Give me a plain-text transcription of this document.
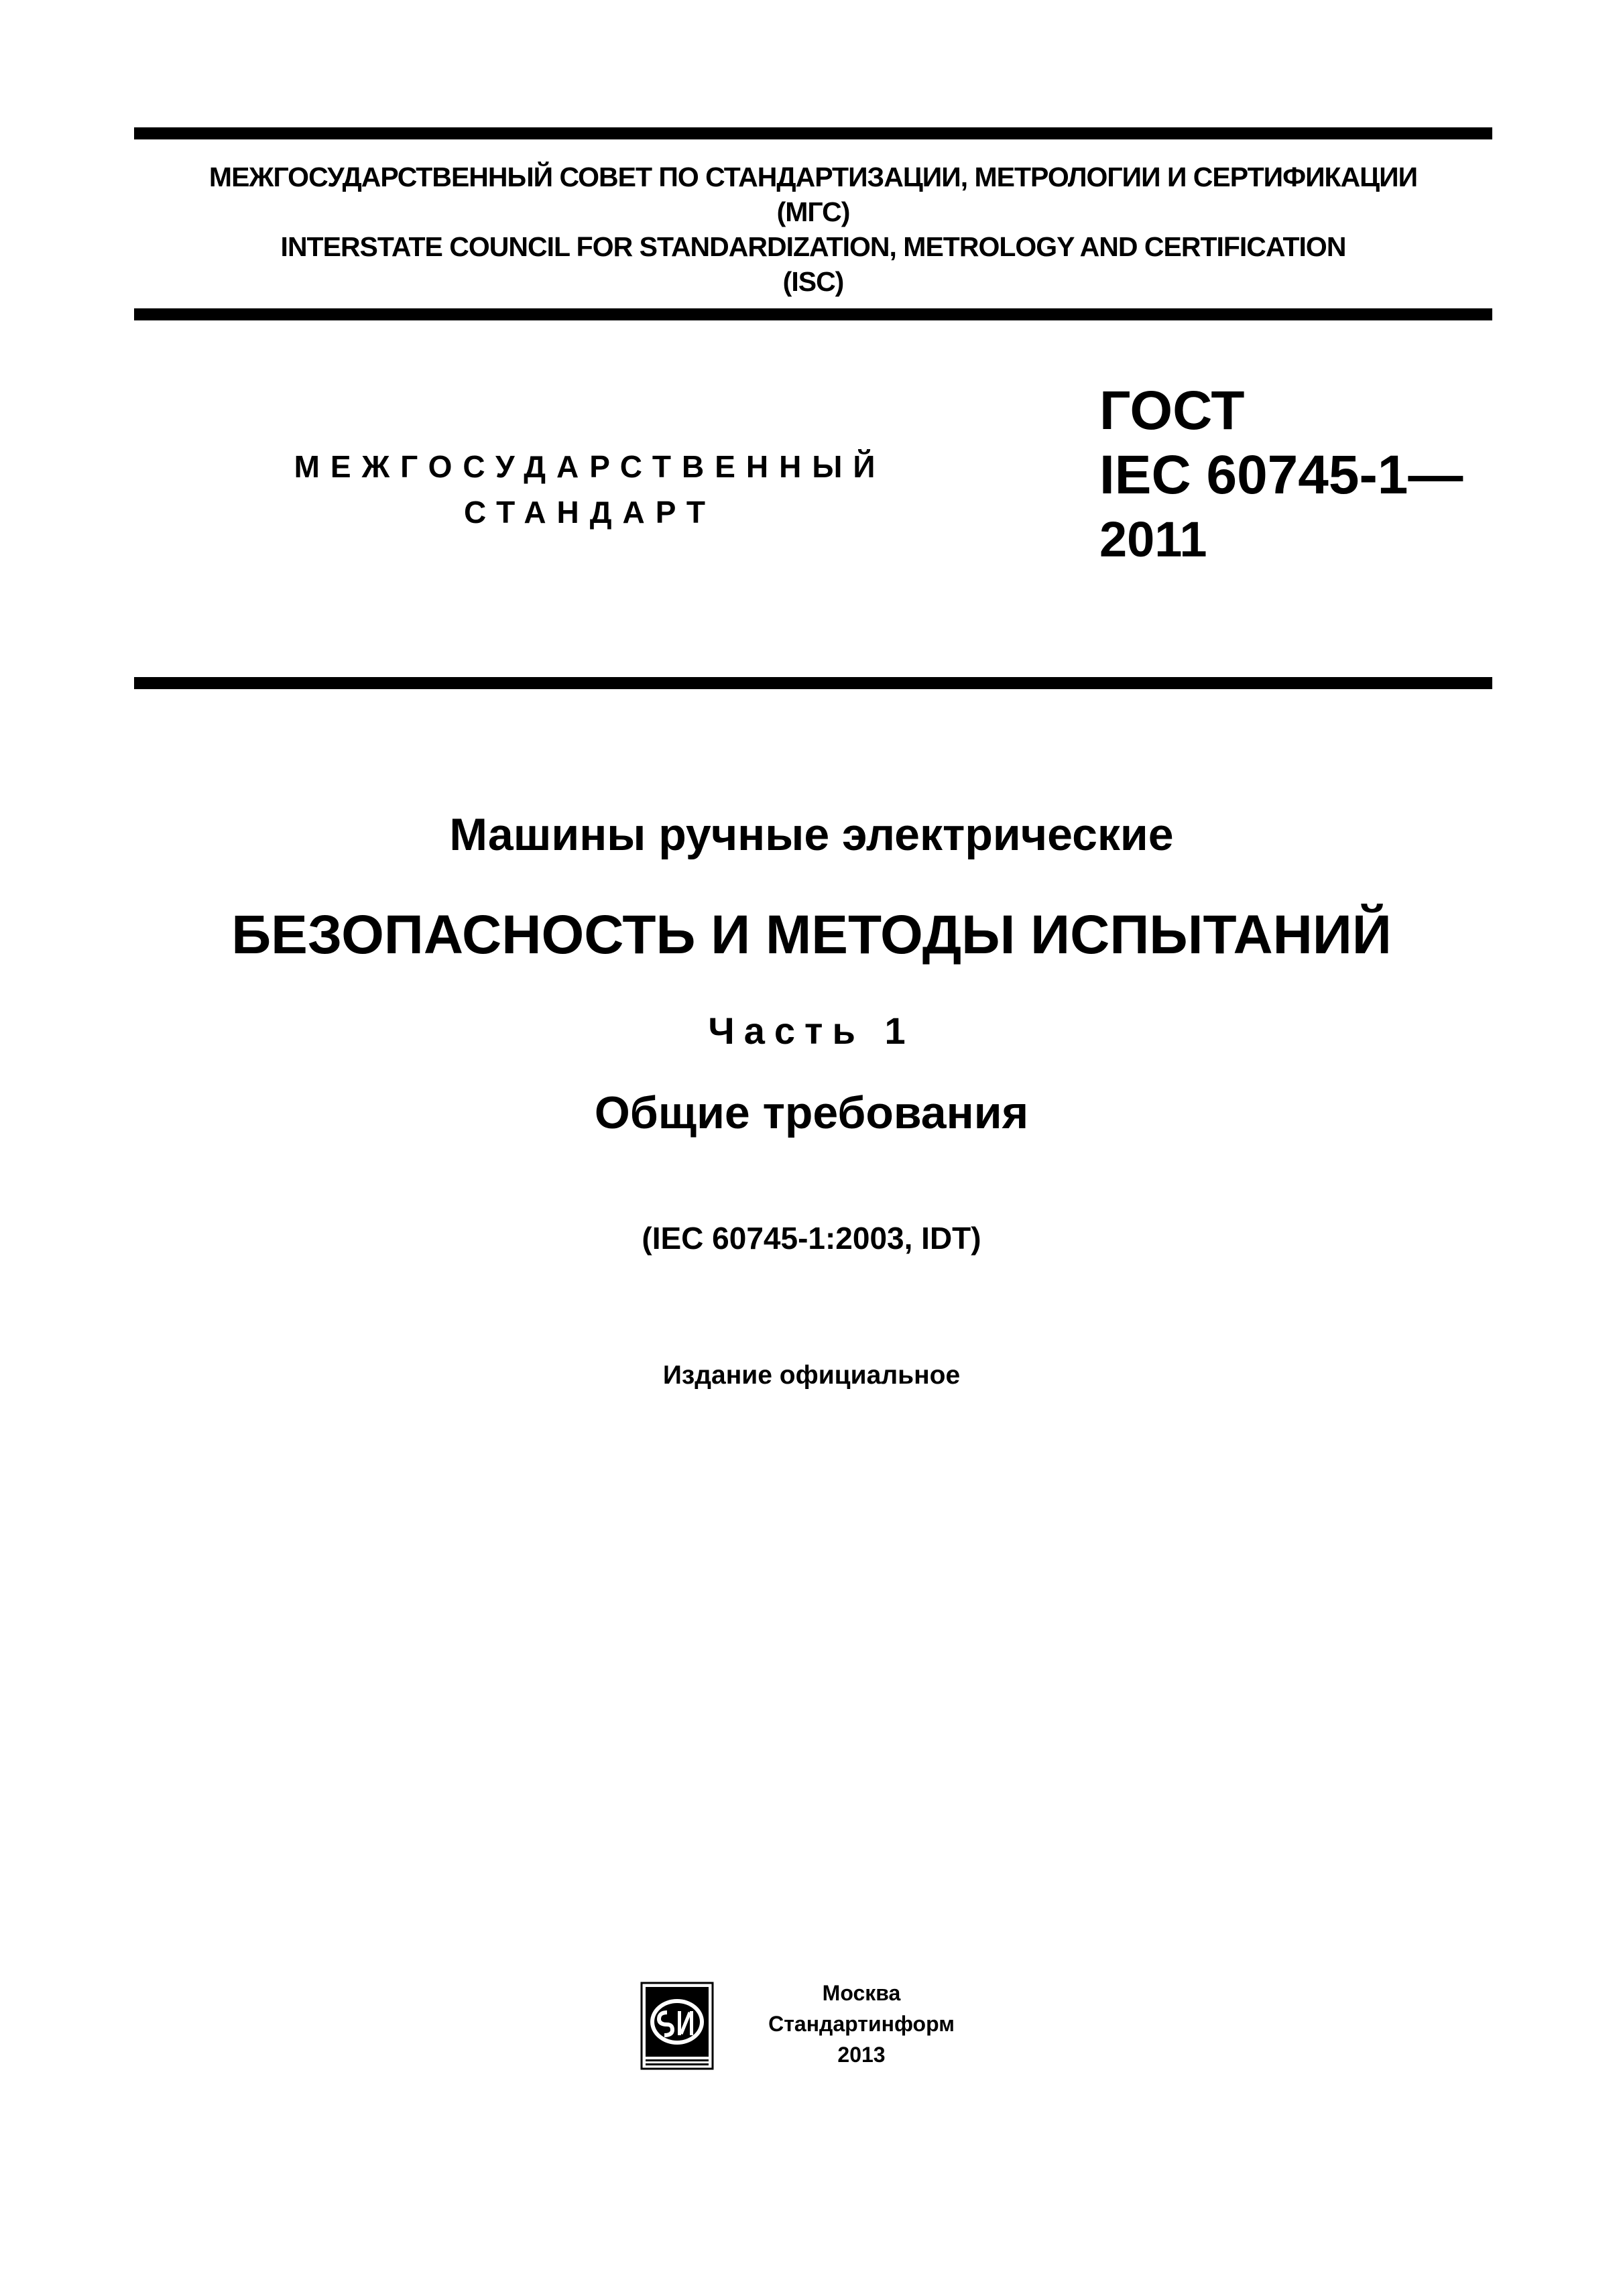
МЕЖГОСУДАРСТВЕННЫЙ СОВЕТ ПО СТАНДАРТИЗАЦИИ, МЕТРОЛОГИИ И СЕРТИФИКАЦИИ
(МГС)
INTERSTATE COUNCIL FOR STANDARDIZATION, METROLOGY AND CERTIFICATION
(ISC)
МЕЖГОСУДАРСТВЕННЫЙ
СТАНДАРТ
ГОСТ
IEC 60745-1—
2011
Машины ручные электрические
БЕЗОПАСНОСТЬ И МЕТОДЫ ИСПЫТАНИЙ
Часть 1
Общие требования
(IEC 60745-1:2003, IDT)
Издание официальное
Москва
Стандартинформ
2013
